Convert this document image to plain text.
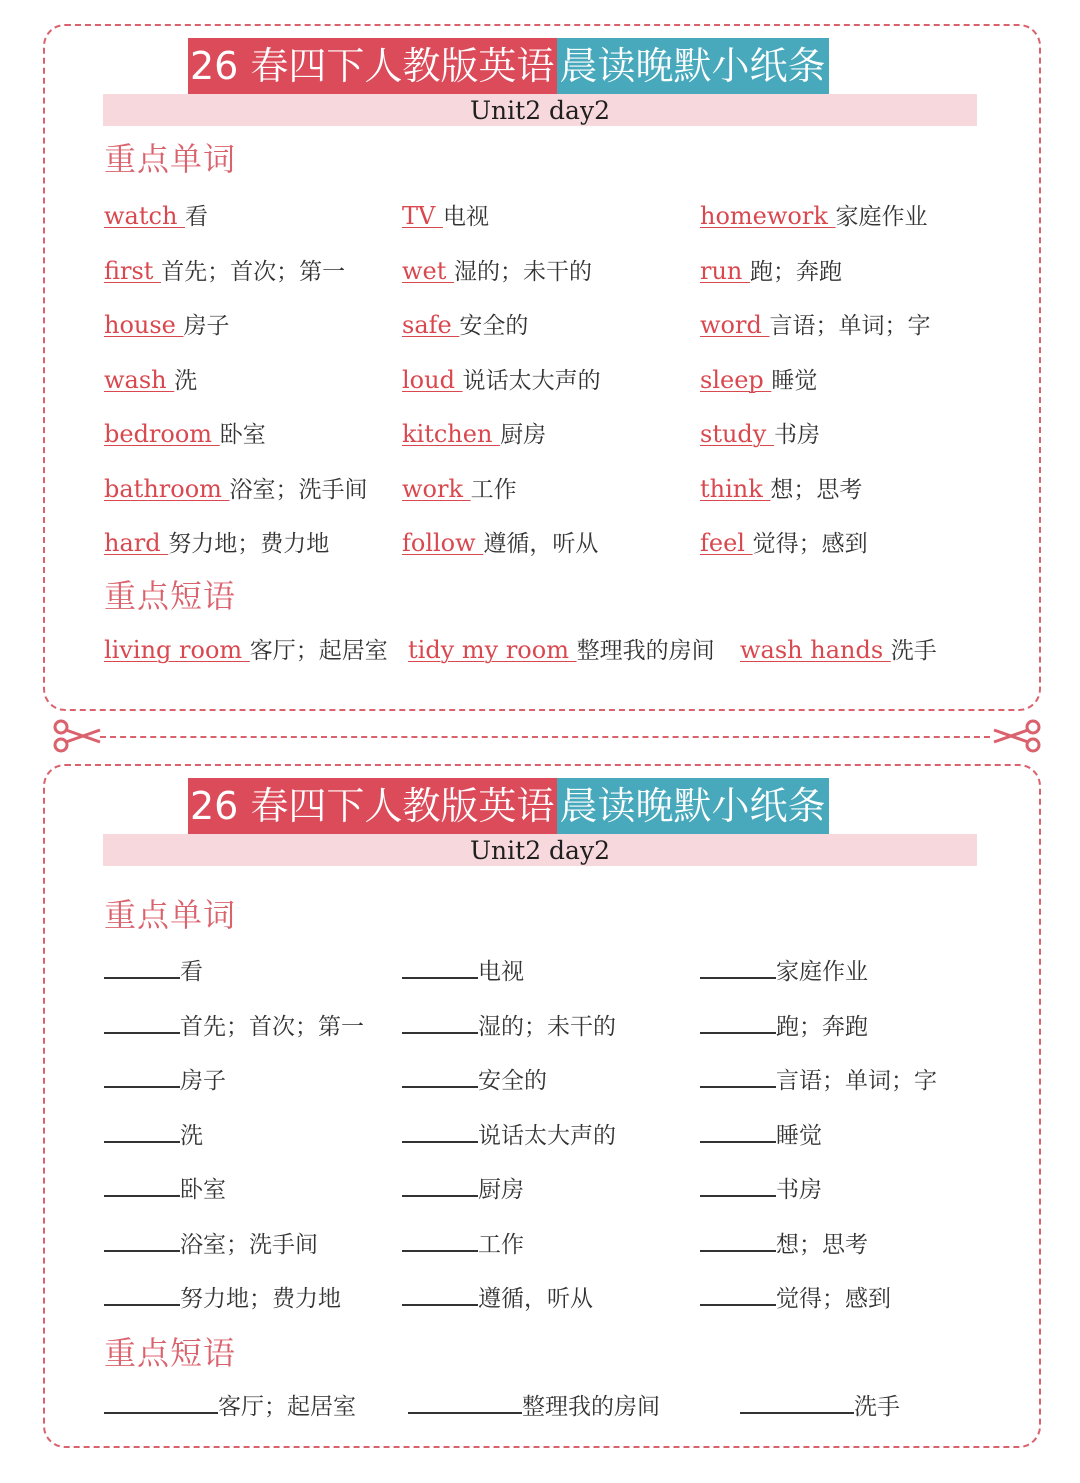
26 春四下人教版英语 晨读晚默小纸条
Unit2 day2
重点单词
watch 看	TV 电视	homework 家庭作业
first 首先；首次；第一 wet 湿的；未干的	run 跑；奔跑
house 房子	safe 安全的	word 言语；单词；字
wash 洗	loud 说话太大声的	sleep 睡觉
bedroom 卧室	kitchen 厨房	study 书房
bathroom 浴室；洗手间 work 工作	think 想；思考
hard 努力地；费力地	follow 遵循，听从	feel 觉得；感到
重点短语
living room 客厅；起居室 tidy my room 整理我的房间 wash hands 洗手
26 春四下人教版英语 晨读晚默小纸条
Unit2 day2
重点单词
看	电视	家庭作业
首先；首次；第一	湿的；未干的	跑；奔跑
房子	安全的	言语；单词；字
洗	说话太大声的	睡觉
卧室	厨房	书房
浴室；洗手间	工作	想；思考
努力地；费力地	遵循，听从	觉得；感到
重点短语
客厅；起居室	整理我的房间	洗手
